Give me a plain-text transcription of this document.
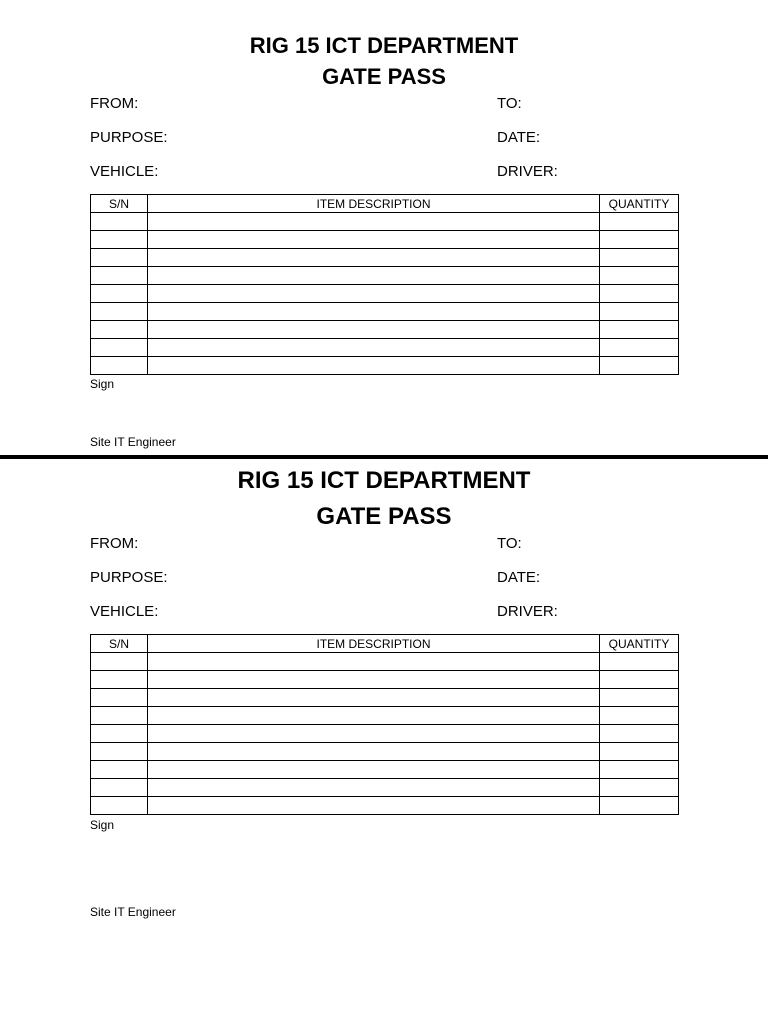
RIG 15 ICT DEPARTMENT
GATE PASS
FROM:	TO:
PURPOSE:	DATE:
VEHICLE:	DRIVER:
S/N	ITEM DESCRIPTION	QUANTITY

Sign
Site IT Engineer
RIG 15 ICT DEPARTMENT
GATE PASS
FROM:	TO:
PURPOSE:	DATE:
VEHICLE:	DRIVER:
S/N	ITEM DESCRIPTION	QUANTITY

Sign
Site IT Engineer
